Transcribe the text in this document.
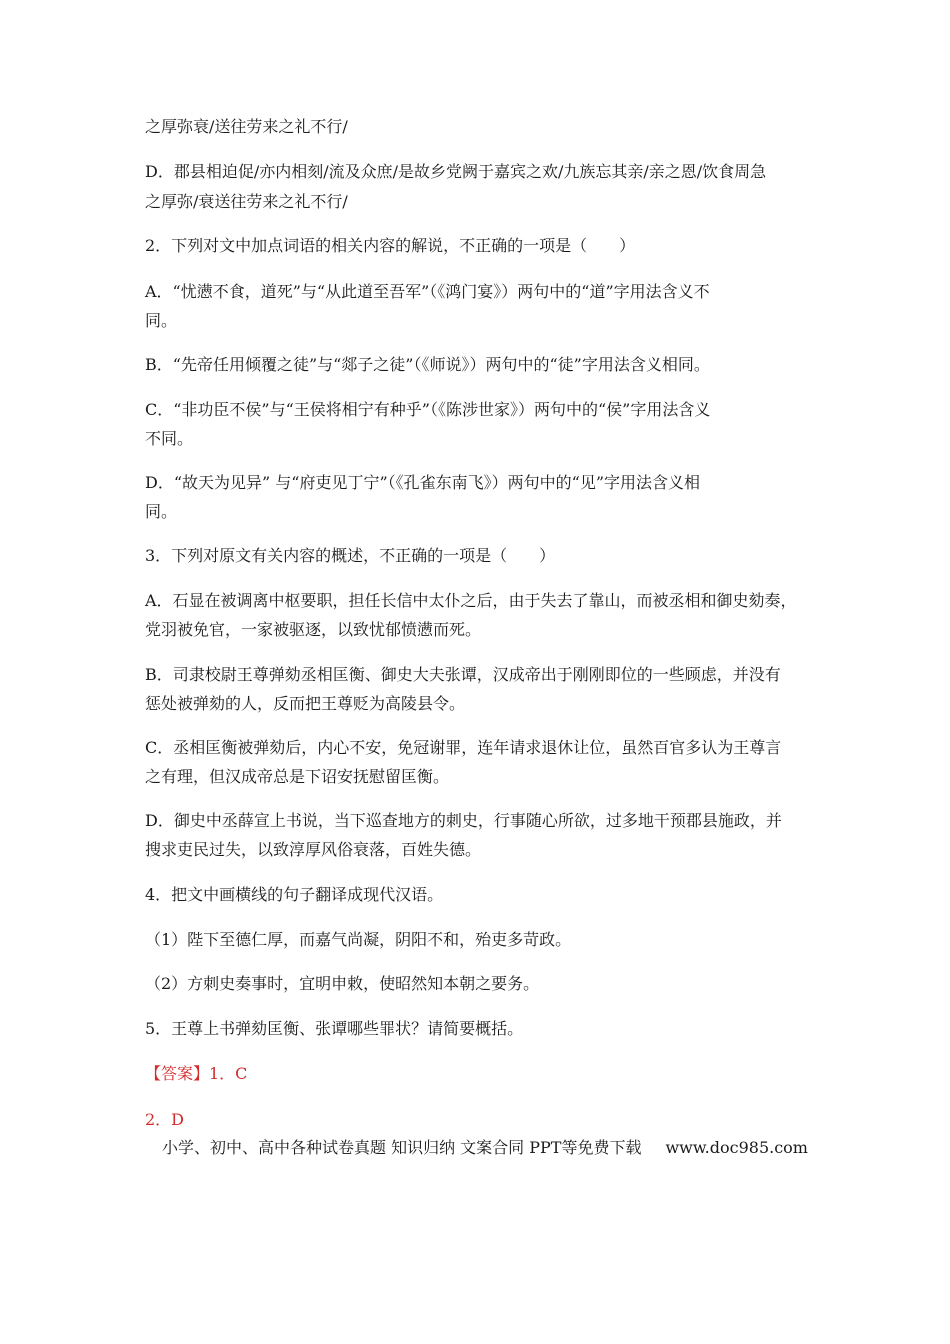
之厚弥衰/送往劳来之礼不行/
D．郡县相迫促/亦内相刻/流及众庶/是故乡党阙于嘉宾之欢/九族忘其亲/亲之恩/饮食周急
之厚弥/衰送往劳来之礼不行/
2．下列对文中加点词语的相关内容的解说，不正确的一项是（　　）
A．“忧懑不食，道死”与“从此道至吾军”（《鸿门宴》）两句中的“道”字用法含义不
同。
B．“先帝任用倾覆之徒”与“郯子之徒”（《师说》）两句中的“徒”字用法含义相同。
C．“非功臣不侯”与“王侯将相宁有种乎”（《陈涉世家》）两句中的“侯”字用法含义
不同。
D．“故天为见异” 与“府吏见丁宁”（《孔雀东南飞》）两句中的“见”字用法含义相
同。
3．下列对原文有关内容的概述，不正确的一项是（　　）
A．石显在被调离中枢要职，担任长信中太仆之后，由于失去了靠山，而被丞相和御史劾奏，
党羽被免官，一家被驱逐，以致忧郁愤懑而死。
B．司隶校尉王尊弹劾丞相匡衡、御史大夫张谭，汉成帝出于刚刚即位的一些顾虑，并没有
惩处被弹劾的人，反而把王尊贬为高陵县令。
C．丞相匡衡被弹劾后，内心不安，免冠谢罪，连年请求退休让位，虽然百官多认为王尊言
之有理，但汉成帝总是下诏安抚慰留匡衡。
D．御史中丞薛宣上书说，当下巡查地方的刺史，行事随心所欲，过多地干预郡县施政，并
搜求吏民过失，以致淳厚风俗衰落，百姓失德。
4．把文中画横线的句子翻译成现代汉语。
（1）陛下至德仁厚，而嘉气尚凝，阴阳不和，殆吏多苛政。
（2）方刺史奏事时，宜明申敕，使昭然知本朝之要务。
5．王尊上书弹劾匡衡、张谭哪些罪状？请简要概括。
【答案】1．C
2．D
小学、初中、高中各种试卷真题 知识归纳 文案合同 PPT等免费下载 www.doc985.com
